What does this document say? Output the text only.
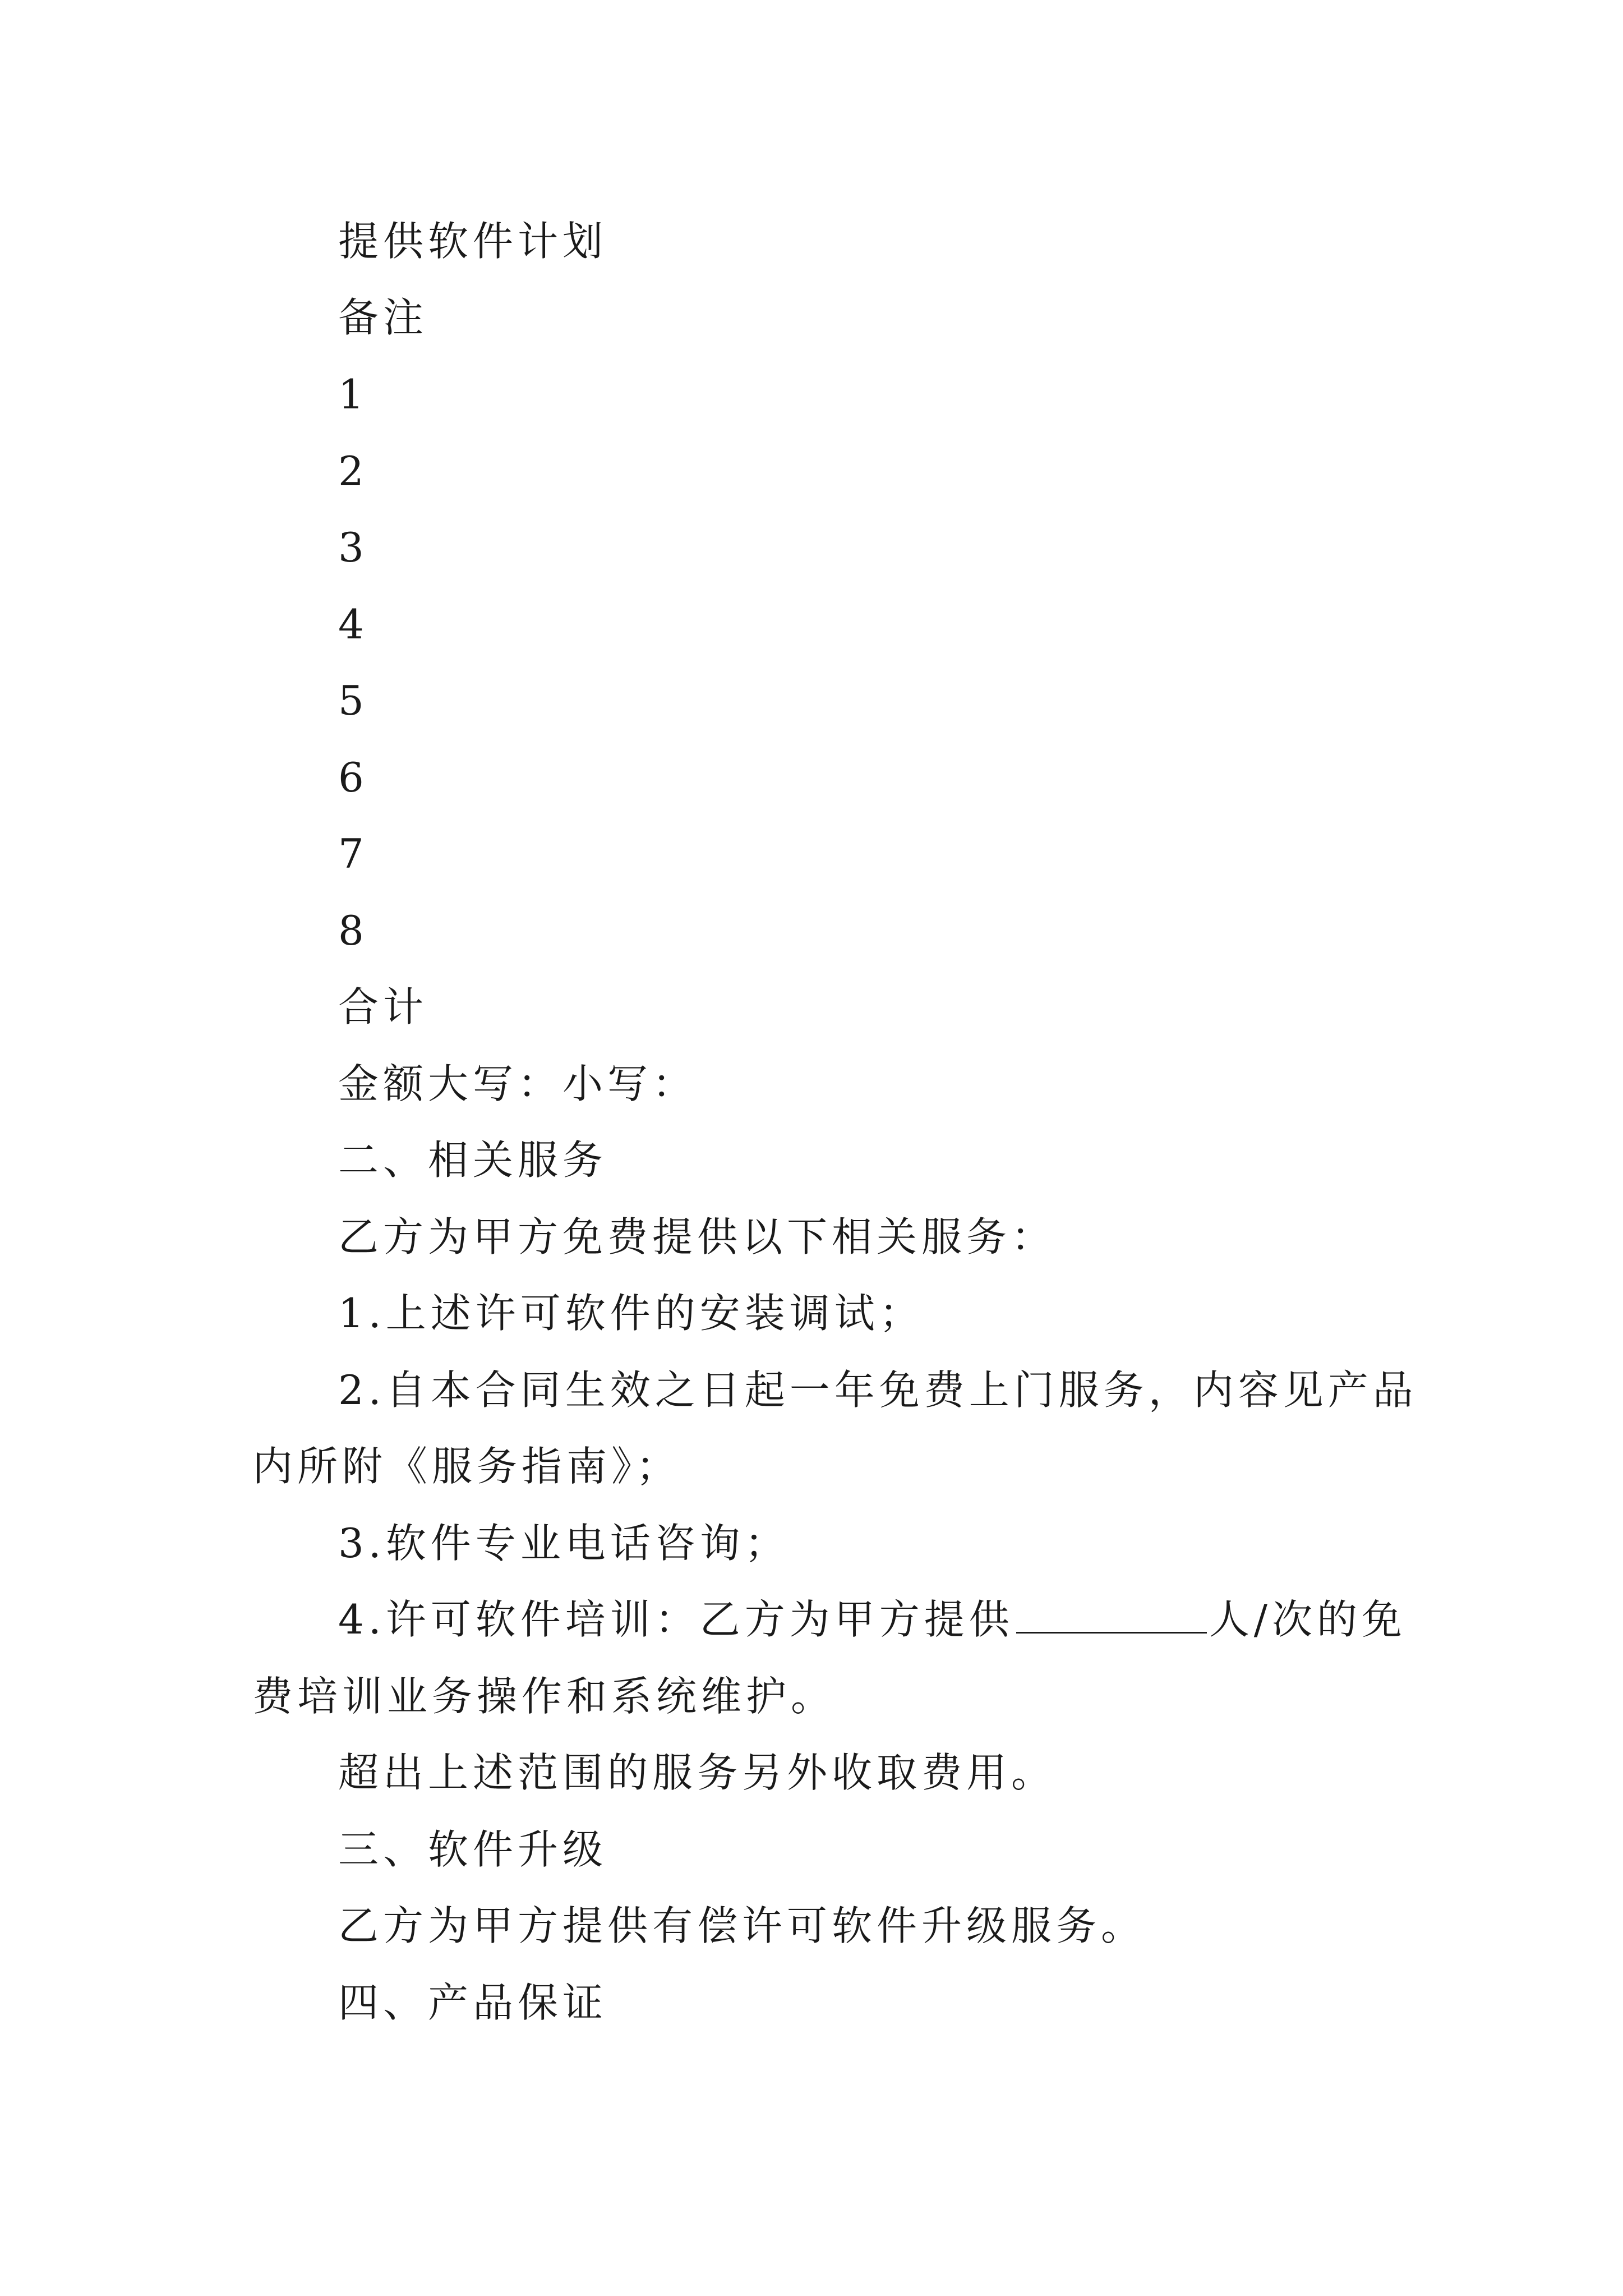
提供软件计划

备注

1

2

3

4

5

6

7

8

合计

金额大写：小写：

二、相关服务

乙方为甲方免费提供以下相关服务：

1.上述许可软件的安装调试；

2.自本合同生效之日起一年免费上门服务，内容见产品

内所附《服务指南》；

3.软件专业电话咨询；

4.许可软件培训：乙方为甲方提供	人/次的免

费培训业务操作和系统维护。

超出上述范围的服务另外收取费用。

三、软件升级

乙方为甲方提供有偿许可软件升级服务。

四、产品保证
